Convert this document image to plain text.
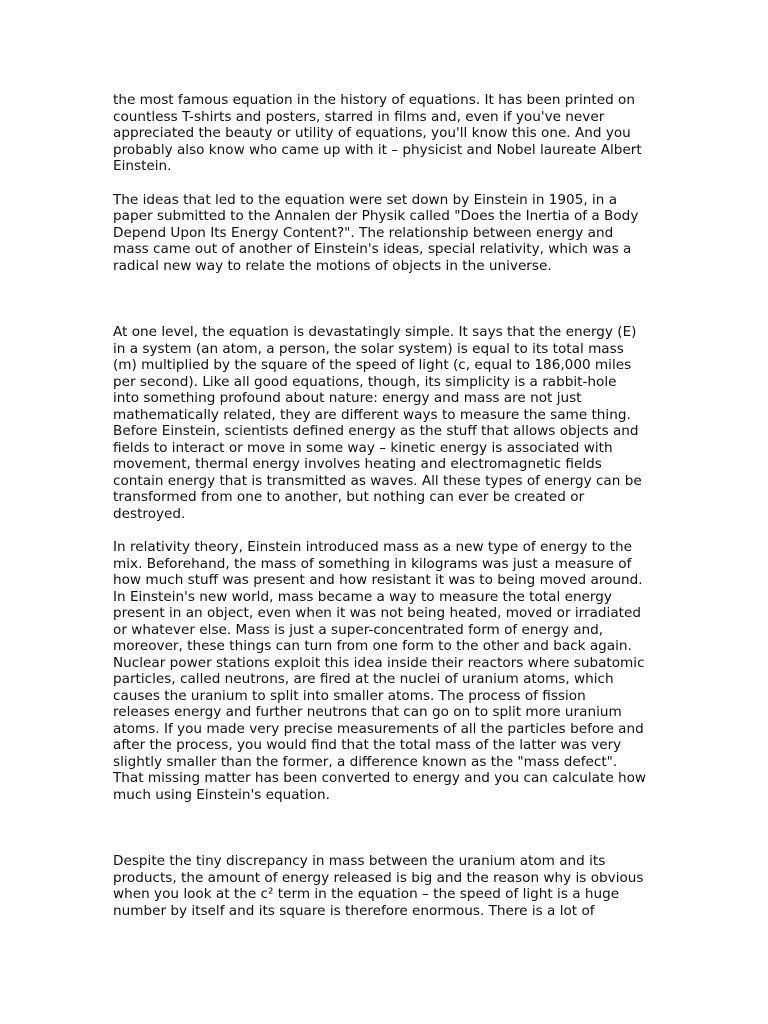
the most famous equation in the history of equations. It has been printed on
countless T-shirts and posters, starred in films and, even if you've never
appreciated the beauty or utility of equations, you'll know this one. And you
probably also know who came up with it – physicist and Nobel laureate Albert
Einstein.

The ideas that led to the equation were set down by Einstein in 1905, in a
paper submitted to the Annalen der Physik called "Does the Inertia of a Body
Depend Upon Its Energy Content?". The relationship between energy and
mass came out of another of Einstein's ideas, special relativity, which was a
radical new way to relate the motions of objects in the universe.

At one level, the equation is devastatingly simple. It says that the energy (E)
in a system (an atom, a person, the solar system) is equal to its total mass
(m) multiplied by the square of the speed of light (c, equal to 186,000 miles
per second). Like all good equations, though, its simplicity is a rabbit-hole
into something profound about nature: energy and mass are not just
mathematically related, they are different ways to measure the same thing.
Before Einstein, scientists defined energy as the stuff that allows objects and
fields to interact or move in some way – kinetic energy is associated with
movement, thermal energy involves heating and electromagnetic fields
contain energy that is transmitted as waves. All these types of energy can be
transformed from one to another, but nothing can ever be created or
destroyed.

In relativity theory, Einstein introduced mass as a new type of energy to the
mix. Beforehand, the mass of something in kilograms was just a measure of
how much stuff was present and how resistant it was to being moved around.
In Einstein's new world, mass became a way to measure the total energy
present in an object, even when it was not being heated, moved or irradiated
or whatever else. Mass is just a super-concentrated form of energy and,
moreover, these things can turn from one form to the other and back again.
Nuclear power stations exploit this idea inside their reactors where subatomic
particles, called neutrons, are fired at the nuclei of uranium atoms, which
causes the uranium to split into smaller atoms. The process of fission
releases energy and further neutrons that can go on to split more uranium
atoms. If you made very precise measurements of all the particles before and
after the process, you would find that the total mass of the latter was very
slightly smaller than the former, a difference known as the "mass defect".
That missing matter has been converted to energy and you can calculate how
much using Einstein's equation.

Despite the tiny discrepancy in mass between the uranium atom and its
products, the amount of energy released is big and the reason why is obvious
when you look at the c² term in the equation – the speed of light is a huge
number by itself and its square is therefore enormous. There is a lot of
